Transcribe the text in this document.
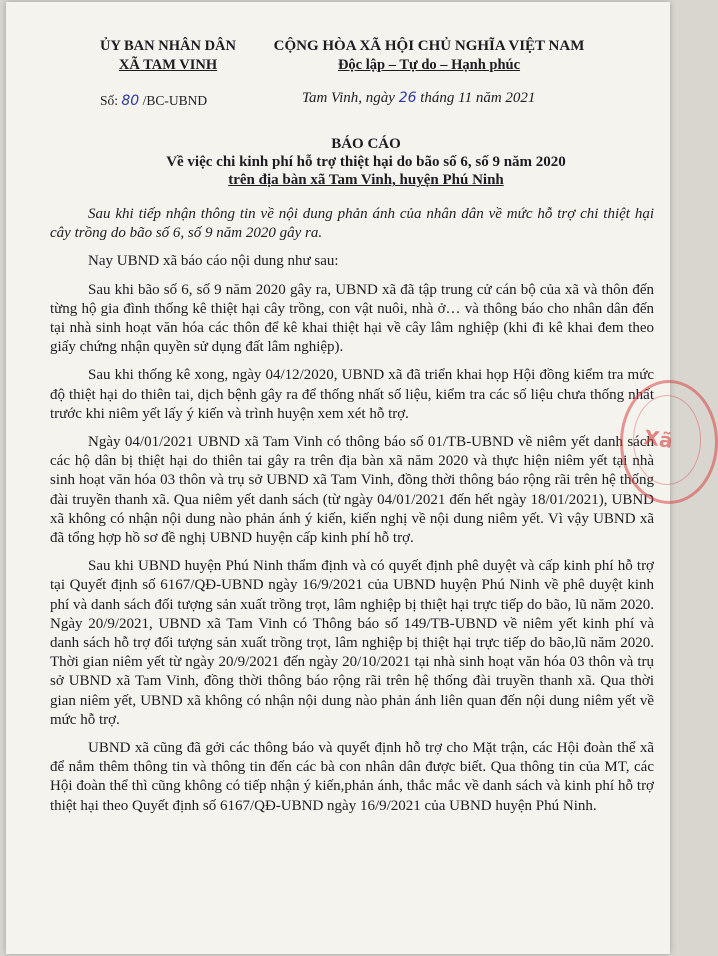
ỦY BAN NHÂN DÂN
XÃ TAM VINH
CỘNG HÒA XÃ HỘI CHỦ NGHĨA VIỆT NAM
Độc lập – Tự do – Hạnh phúc
Số: 80 /BC-UBND	Tam Vinh, ngày 26 tháng 11 năm 2021
BÁO CÁO
Về việc chi kinh phí hỗ trợ thiệt hại do bão số 6, số 9 năm 2020
trên địa bàn xã Tam Vinh, huyện Phú Ninh

Sau khi tiếp nhận thông tin về nội dung phản ánh của nhân dân về mức hỗ trợ chi thiệt hại cây trồng do bão số 6, số 9 năm 2020 gây ra.

Nay UBND xã báo cáo nội dung như sau:

Sau khi bão số 6, số 9 năm 2020 gây ra, UBND xã đã tập trung cử cán bộ của xã và thôn đến từng hộ gia đình thống kê thiệt hại cây trồng, con vật nuôi, nhà ở… và thông báo cho nhân dân đến tại nhà sinh hoạt văn hóa các thôn để kê khai thiệt hại về cây lâm nghiệp (khi đi kê khai đem theo giấy chứng nhận quyền sử dụng đất lâm nghiệp).

Sau khi thống kê xong, ngày 04/12/2020, UBND xã đã triển khai họp Hội đồng kiểm tra mức độ thiệt hại do thiên tai, dịch bệnh gây ra để thống nhất số liệu, kiểm tra các số liệu chưa thống nhất trước khi niêm yết lấy ý kiến và trình huyện xem xét hỗ trợ.

Ngày 04/01/2021 UBND xã Tam Vinh có thông báo số 01/TB-UBND về niêm yết danh sách các hộ dân bị thiệt hại do thiên tai gây ra trên địa bàn xã năm 2020 và thực hiện niêm yết tại nhà sinh hoạt văn hóa 03 thôn và trụ sở UBND xã Tam Vinh, đồng thời thông báo rộng rãi trên hệ thống đài truyền thanh xã. Qua niêm yết danh sách (từ ngày 04/01/2021 đến hết ngày 18/01/2021), UBND xã không có nhận nội dung nào phản ánh ý kiến, kiến nghị về nội dung niêm yết. Vì vậy UBND xã đã tổng hợp hồ sơ đề nghị UBND huyện cấp kinh phí hỗ trợ.

Sau khi UBND huyện Phú Ninh thẩm định và có quyết định phê duyệt và cấp kinh phí hỗ trợ tại Quyết định số 6167/QĐ-UBND ngày 16/9/2021 của UBND huyện Phú Ninh về phê duyệt kinh phí và danh sách đối tượng sản xuất trồng trọt, lâm nghiệp bị thiệt hại trực tiếp do bão, lũ năm 2020. Ngày 20/9/2021, UBND xã Tam Vinh có Thông báo số 149/TB-UBND về niêm yết kinh phí và danh sách hỗ trợ đối tượng sản xuất trồng trọt, lâm nghiệp bị thiệt hại trực tiếp do bão,lũ năm 2020. Thời gian niêm yết từ ngày 20/9/2021 đến ngày 20/10/2021 tại nhà sinh hoạt văn hóa 03 thôn và trụ sở UBND xã Tam Vinh, đồng thời thông báo rộng rãi trên hệ thống đài truyền thanh xã. Qua thời gian niêm yết, UBND xã không có nhận nội dung nào phản ánh liên quan đến nội dung niêm yết về mức hỗ trợ.

UBND xã cũng đã gởi các thông báo và quyết định hỗ trợ cho Mặt trận, các Hội đoàn thể xã để nắm thêm thông tin và thông tin đến các bà con nhân dân được biết. Qua thông tin của MT, các Hội đoàn thể thì cũng không có tiếp nhận ý kiến,phản ánh, thắc mắc về danh sách và kinh phí hỗ trợ thiệt hại theo Quyết định số 6167/QĐ-UBND ngày 16/9/2021 của UBND huyện Phú Ninh.

Xã
